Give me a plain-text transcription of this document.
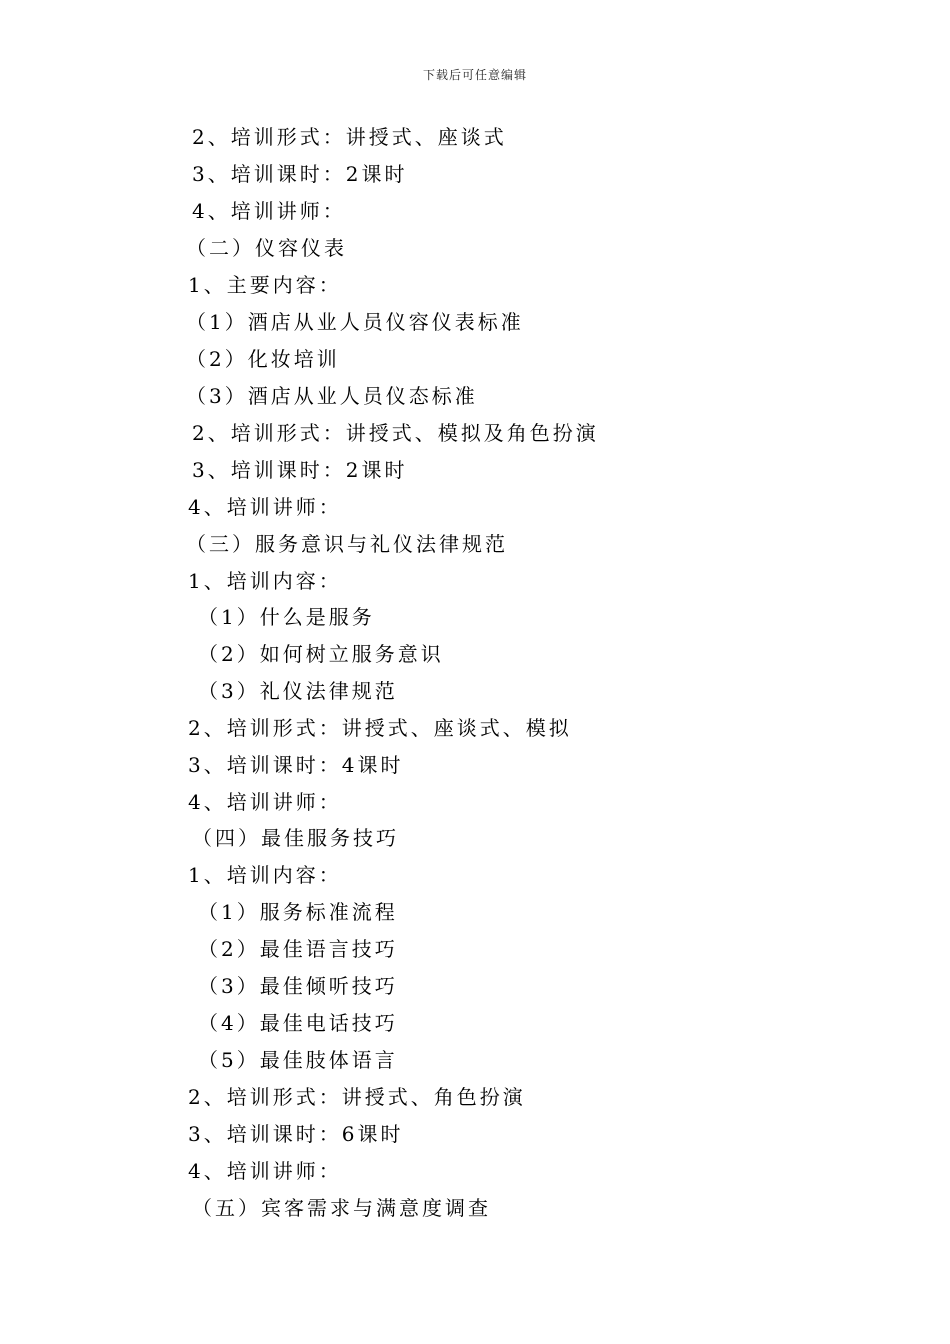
下载后可任意编辑
2、培训形式：讲授式、座谈式
3、培训课时：2课时
4、培训讲师：
（二）仪容仪表
1、主要内容：
（1）酒店从业人员仪容仪表标准
（2）化妆培训
（3）酒店从业人员仪态标准
2、培训形式：讲授式、模拟及角色扮演
3、培训课时：2课时
4、培训讲师：
（三）服务意识与礼仪法律规范
1、培训内容：
（1）什么是服务
（2）如何树立服务意识
（3）礼仪法律规范
2、培训形式：讲授式、座谈式、模拟
3、培训课时：4课时
4、培训讲师：
（四）最佳服务技巧
1、培训内容：
（1）服务标准流程
（2）最佳语言技巧
（3）最佳倾听技巧
（4）最佳电话技巧
（5）最佳肢体语言
2、培训形式：讲授式、角色扮演
3、培训课时：6课时
4、培训讲师：
（五）宾客需求与满意度调查
